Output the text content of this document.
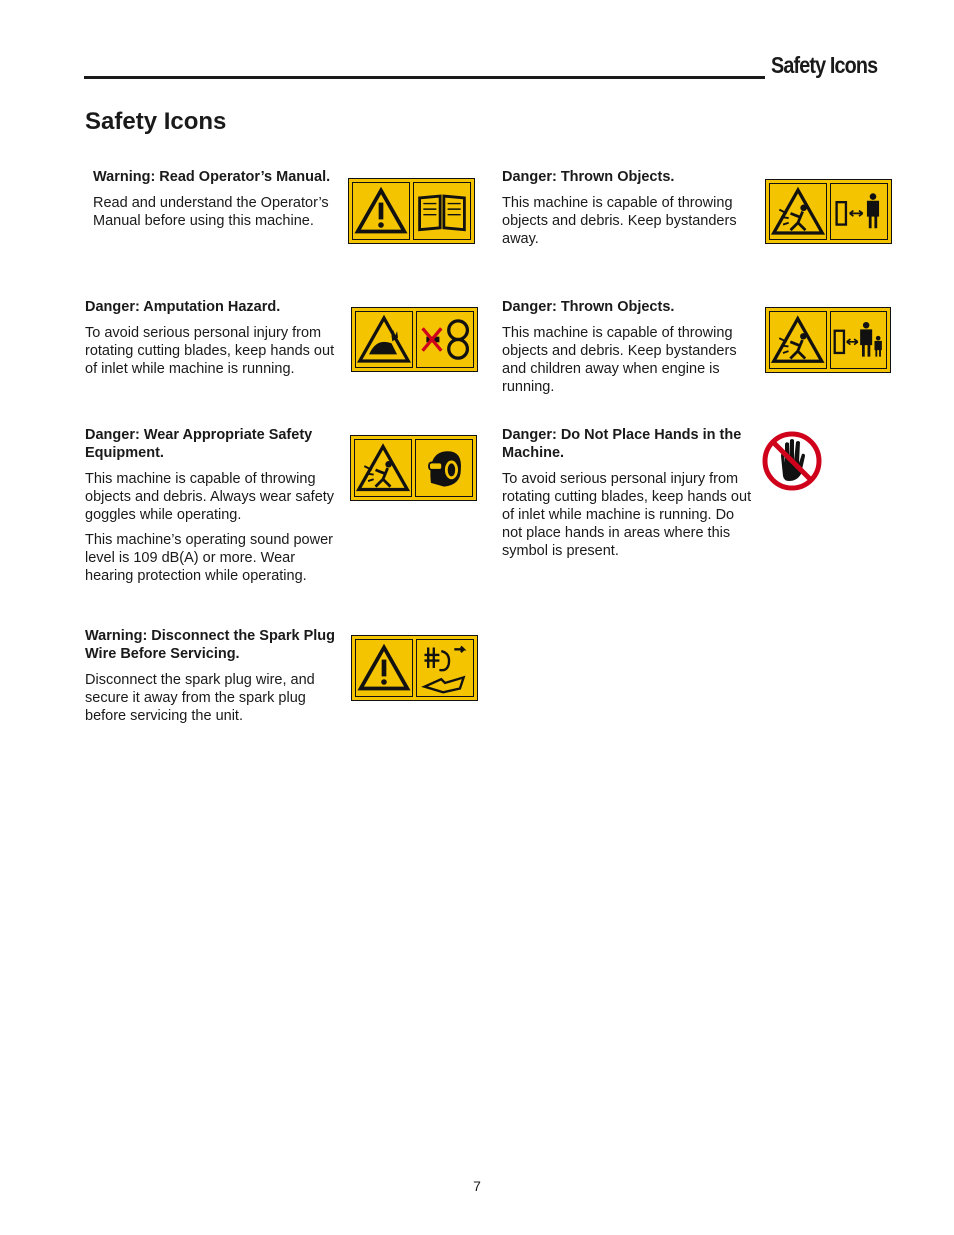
Safety Icons
Safety Icons
Warning: Read Operator’s Manual.

Read and understand the Operator’s Manual before using this machine.

Danger: Amputation Hazard.

To avoid serious personal injury from rotating cutting blades, keep hands out of inlet while machine is running.

Danger: Wear Appropriate Safety Equipment.

This machine is capable of throwing objects and debris. Always wear safety goggles while operating.

This machine’s operating sound power level is 109 dB(A) or more. Wear hearing protection while operating.

Warning: Disconnect the Spark Plug Wire Before Servicing.

Disconnect the spark plug wire, and secure it away from the spark plug before servicing the unit.

Danger: Thrown Objects.

This machine is capable of throwing objects and debris. Keep bystanders away.

Danger: Thrown Objects.

This machine is capable of throwing objects and debris. Keep bystanders and children away when engine is running.

Danger: Do Not Place Hands in the Machine.

To avoid serious personal injury from rotating cutting blades, keep hands out of inlet while machine is running. Do not place hands in areas where this symbol is present.

7
